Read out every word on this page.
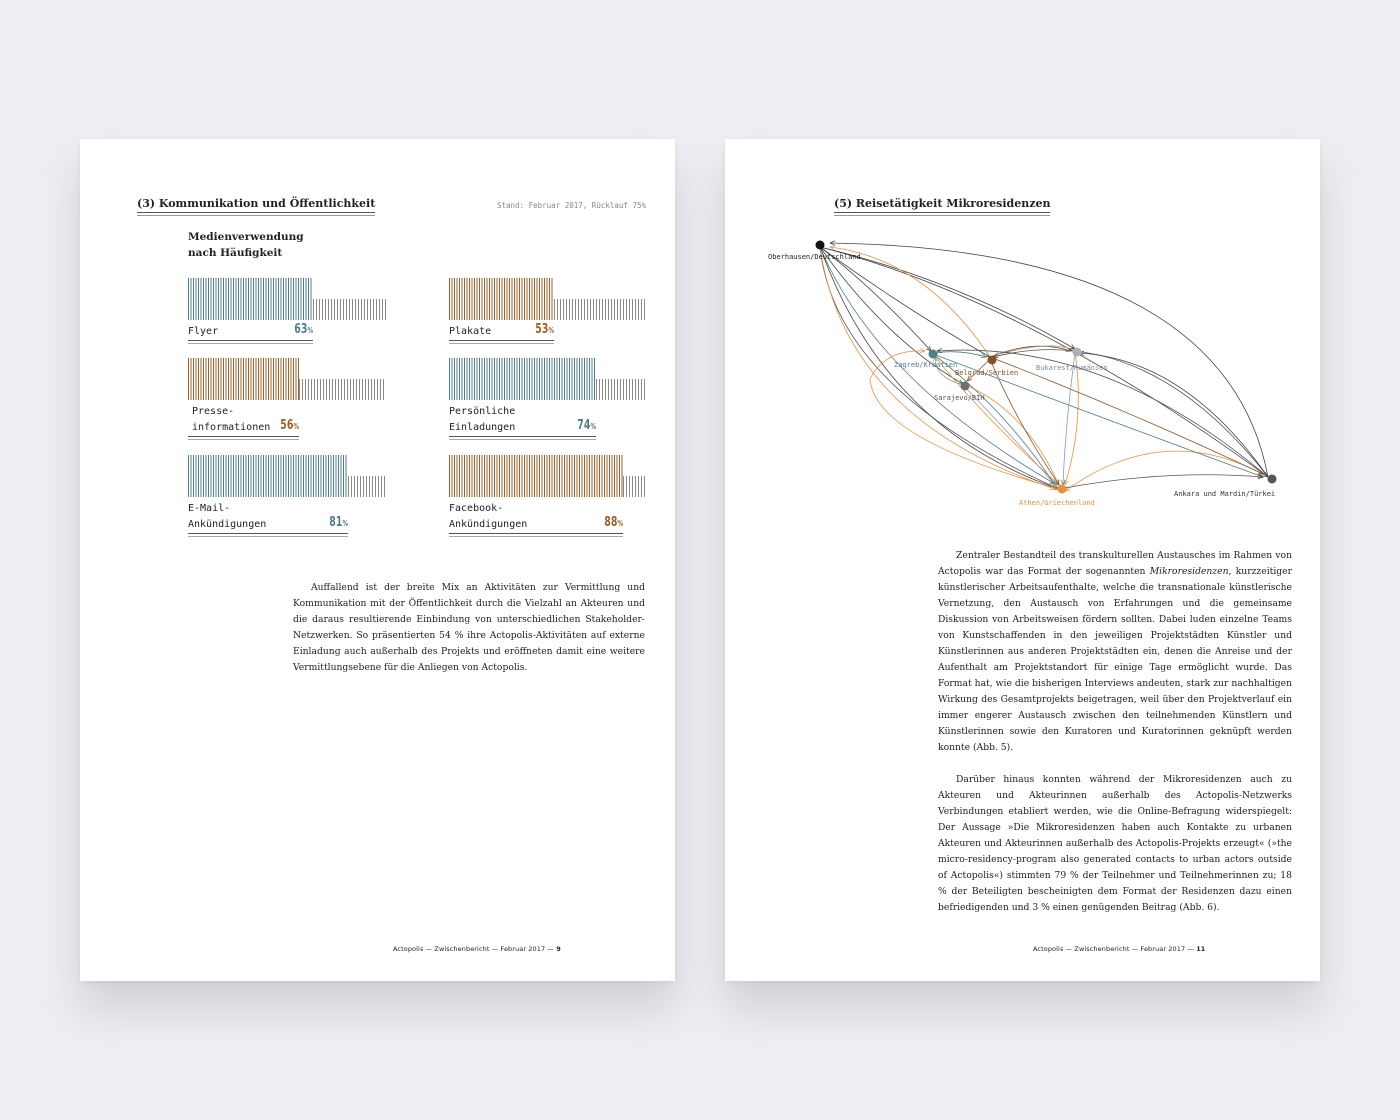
(3) Kommunikation und Öffentlichkeit	Stand: Februar 2017, Rücklauf 75%
Medienverwendung
nach Häufigkeit

Auffallend ist der breite Mix an Aktivitäten zur Vermittlung und Kommunikation mit der Öffentlichkeit durch die Vielzahl an Akteuren und die daraus resultierende Einbindung von unterschiedlichen Stakeholder-Netzwerken. So präsentierten 54 % ihre Actopolis-Aktivitäten auf externe Einladung auch außerhalb des Projekts und eröffneten damit eine weitere Vermittlungsebene für die Anliegen von Actopolis.

Actopolis — Zwischenbericht — Februar 2017 — 9
Flyer	63%	Plakate	53%
Presse-
informationen 56%
Persönliche
Einladungen	74%
E-Mail-
Ankündigungen	81%
Facebook-
Ankündigungen	88%
(5) Reisetätigkeit Mikroresidenzen
Oberhausen/Deutschland
Zagreb/Kroatien
Belgrad/Serbien
Bukarest/Rumänien
Sarajevo/BIH
Athen/Griechenland
Ankara und Mardin/Türkei

Zentraler Bestandteil des transkulturellen Austausches im Rahmen von Actopolis war das Format der sogenannten Mikroresidenzen, kurzzeitiger künstlerischer Arbeitsaufenthalte, welche die transnationale künstlerische Vernetzung, den Austausch von Erfahrungen und die gemeinsame Diskussion von Arbeitsweisen fördern sollten. Dabei luden einzelne Teams von Kunstschaffenden in den jeweiligen Projektstädten Künstler und Künstlerinnen aus anderen Projektstädten ein, denen die Anreise und der Aufenthalt am Projektstandort für einige Tage ermöglicht wurde. Das Format hat, wie die bisherigen Interviews andeuten, stark zur nachhaltigen Wirkung des Gesamtprojekts beigetragen, weil über den Projektverlauf ein immer engerer Austausch zwischen den teilnehmenden Künstlern und Künstlerinnen sowie den Kuratoren und Kuratorinnen geknüpft werden konnte (Abb. 5).

Darüber hinaus konnten während der Mikroresidenzen auch zu Akteuren und Akteurinnen außerhalb des Actopolis-Netzwerks Verbindungen etabliert werden, wie die Online-Befragung widerspiegelt: Der Aussage »Die Mikroresidenzen haben auch Kontakte zu urbanen Akteuren und Akteurinnen außerhalb des Actopolis-Projekts erzeugt« (»the micro-residency-program also generated contacts to urban actors outside of Actopolis«) stimmten 79 % der Teilnehmer und Teilnehmerinnen zu; 18 % der Beteiligten bescheinigten dem Format der Residenzen dazu einen befriedigenden und 3 % einen genügenden Beitrag (Abb. 6).

Actopolis — Zwischenbericht — Februar 2017 — 11
